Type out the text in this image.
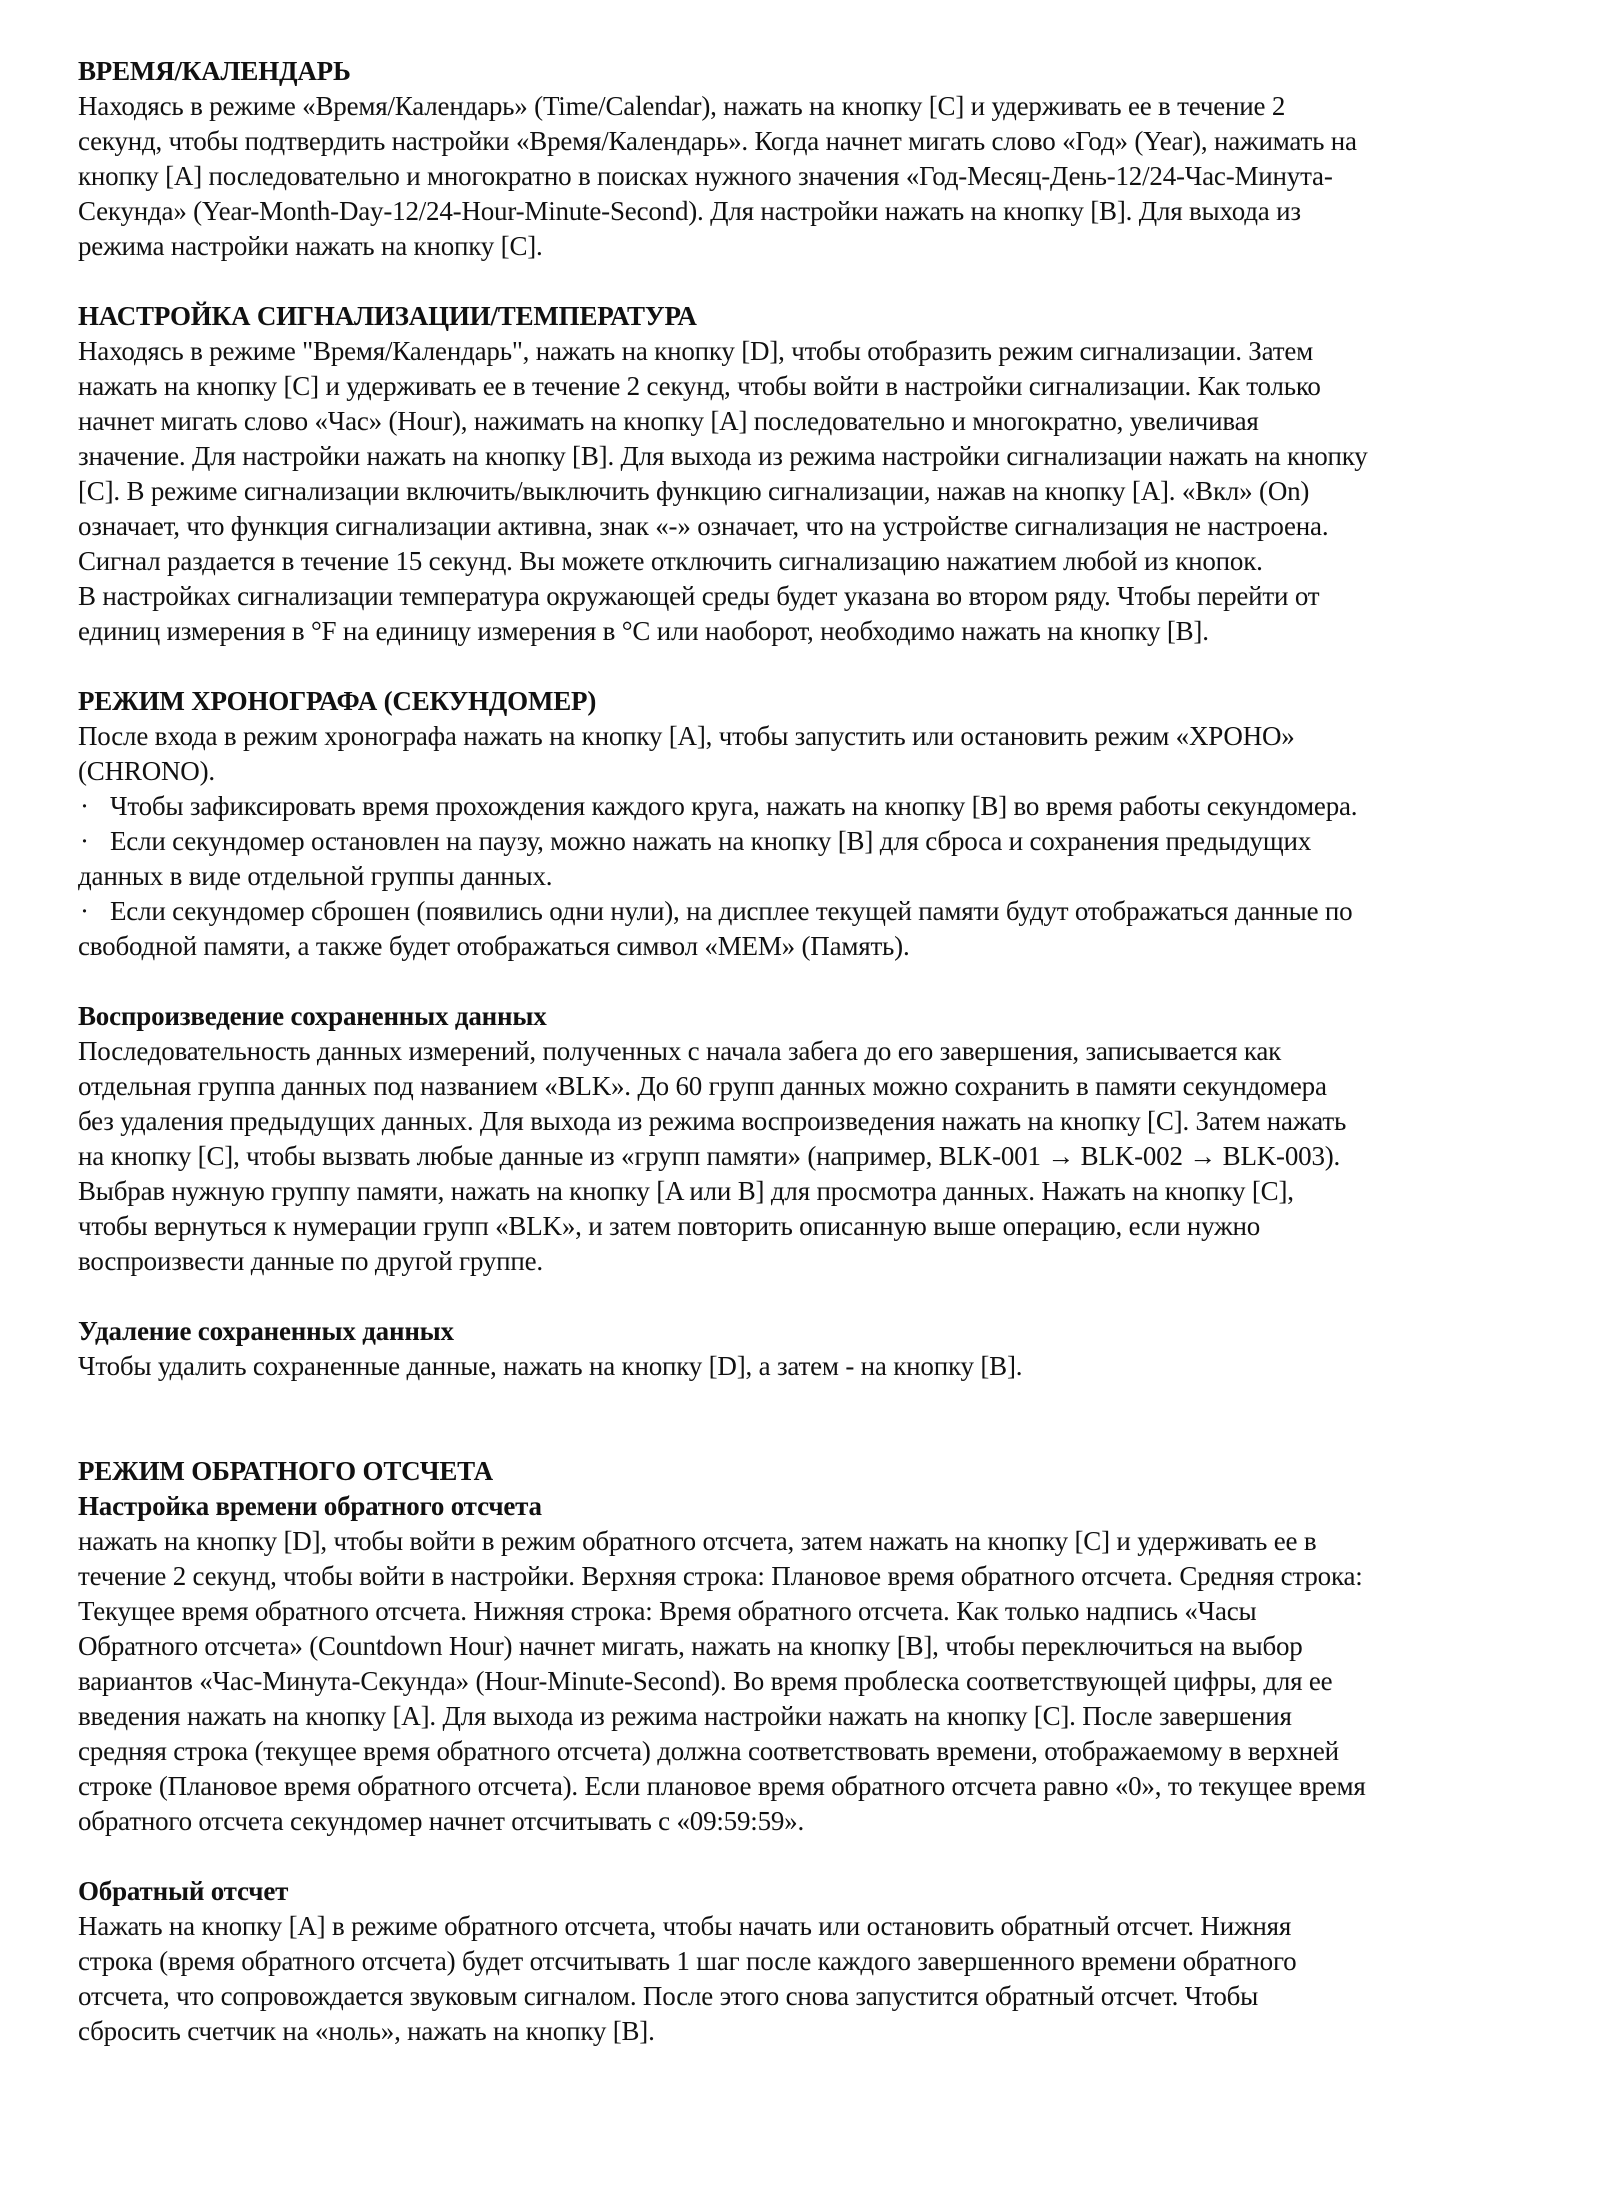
ВРЕМЯ/КАЛЕНДАРЬ
Находясь в режиме «Время/Календарь» (Time/Calendar), нажать на кнопку [C] и удерживать ее в течение 2
секунд, чтобы подтвердить настройки «Время/Календарь». Когда начнет мигать слово «Год» (Year), нажимать на
кнопку [A] последовательно и многократно в поисках нужного значения «Год-Месяц-День-12/24-Час-Минута-
Секунда» (Year-Month-Day-12/24-Hour-Minute-Second). Для настройки нажать на кнопку [B]. Для выхода из
режима настройки нажать на кнопку [C].
НАСТРОЙКА СИГНАЛИЗАЦИИ/ТЕМПЕРАТУРА
Находясь в режиме "Время/Календарь", нажать на кнопку [D], чтобы отобразить режим сигнализации. Затем
нажать на кнопку [C] и удерживать ее в течение 2 секунд, чтобы войти в настройки сигнализации. Как только
начнет мигать слово «Час» (Hour), нажимать на кнопку [A] последовательно и многократно, увеличивая
значение. Для настройки нажать на кнопку [B]. Для выхода из режима настройки сигнализации нажать на кнопку
[C]. В режиме сигнализации включить/выключить функцию сигнализации, нажав на кнопку [A]. «Вкл» (On)
означает, что функция сигнализации активна, знак «-» означает, что на устройстве сигнализация не настроена.
Сигнал раздается в течение 15 секунд. Вы можете отключить сигнализацию нажатием любой из кнопок.
В настройках сигнализации температура окружающей среды будет указана во втором ряду. Чтобы перейти от
единиц измерения в °F на единицу измерения в °C или наоборот, необходимо нажать на кнопку [B].
РЕЖИМ ХРОНОГРАФА (СЕКУНДОМЕР)
После входа в режим хронографа нажать на кнопку [A], чтобы запустить или остановить режим «ХРОНО»
(CHRONO).
· Чтобы зафиксировать время прохождения каждого круга, нажать на кнопку [B] во время работы секундомера.
· Если секундомер остановлен на паузу, можно нажать на кнопку [B] для сброса и сохранения предыдущих
данных в виде отдельной группы данных.
· Если секундомер сброшен (появились одни нули), на дисплее текущей памяти будут отображаться данные по
свободной памяти, а также будет отображаться символ «MEM» (Память).
Воспроизведение сохраненных данных
Последовательность данных измерений, полученных с начала забега до его завершения, записывается как
отдельная группа данных под названием «BLK». До 60 групп данных можно сохранить в памяти секундомера
без удаления предыдущих данных. Для выхода из режима воспроизведения нажать на кнопку [C]. Затем нажать
на кнопку [C], чтобы вызвать любые данные из «групп памяти» (например, BLK-001 → BLK-002 → BLK-003).
Выбрав нужную группу памяти, нажать на кнопку [A или B] для просмотра данных. Нажать на кнопку [C],
чтобы вернуться к нумерации групп «BLK», и затем повторить описанную выше операцию, если нужно
воспроизвести данные по другой группе.
Удаление сохраненных данных
Чтобы удалить сохраненные данные, нажать на кнопку [D], а затем - на кнопку [B].
РЕЖИМ ОБРАТНОГО ОТСЧЕТА
Настройка времени обратного отсчета
нажать на кнопку [D], чтобы войти в режим обратного отсчета, затем нажать на кнопку [C] и удерживать ее в
течение 2 секунд, чтобы войти в настройки. Верхняя строка: Плановое время обратного отсчета. Средняя строка:
Текущее время обратного отсчета. Нижняя строка: Время обратного отсчета. Как только надпись «Часы
Обратного отсчета» (Countdown Hour) начнет мигать, нажать на кнопку [B], чтобы переключиться на выбор
вариантов «Час-Минута-Секунда» (Hour-Minute-Second). Во время проблеска соответствующей цифры, для ее
введения нажать на кнопку [A]. Для выхода из режима настройки нажать на кнопку [C]. После завершения
средняя строка (текущее время обратного отсчета) должна соответствовать времени, отображаемому в верхней
строке (Плановое время обратного отсчета). Если плановое время обратного отсчета равно «0», то текущее время
обратного отсчета секундомер начнет отсчитывать с «09:59:59».
Обратный отсчет
Нажать на кнопку [A] в режиме обратного отсчета, чтобы начать или остановить обратный отсчет. Нижняя
строка (время обратного отсчета) будет отсчитывать 1 шаг после каждого завершенного времени обратного
отсчета, что сопровождается звуковым сигналом. После этого снова запустится обратный отсчет. Чтобы
сбросить счетчик на «ноль», нажать на кнопку [B].
